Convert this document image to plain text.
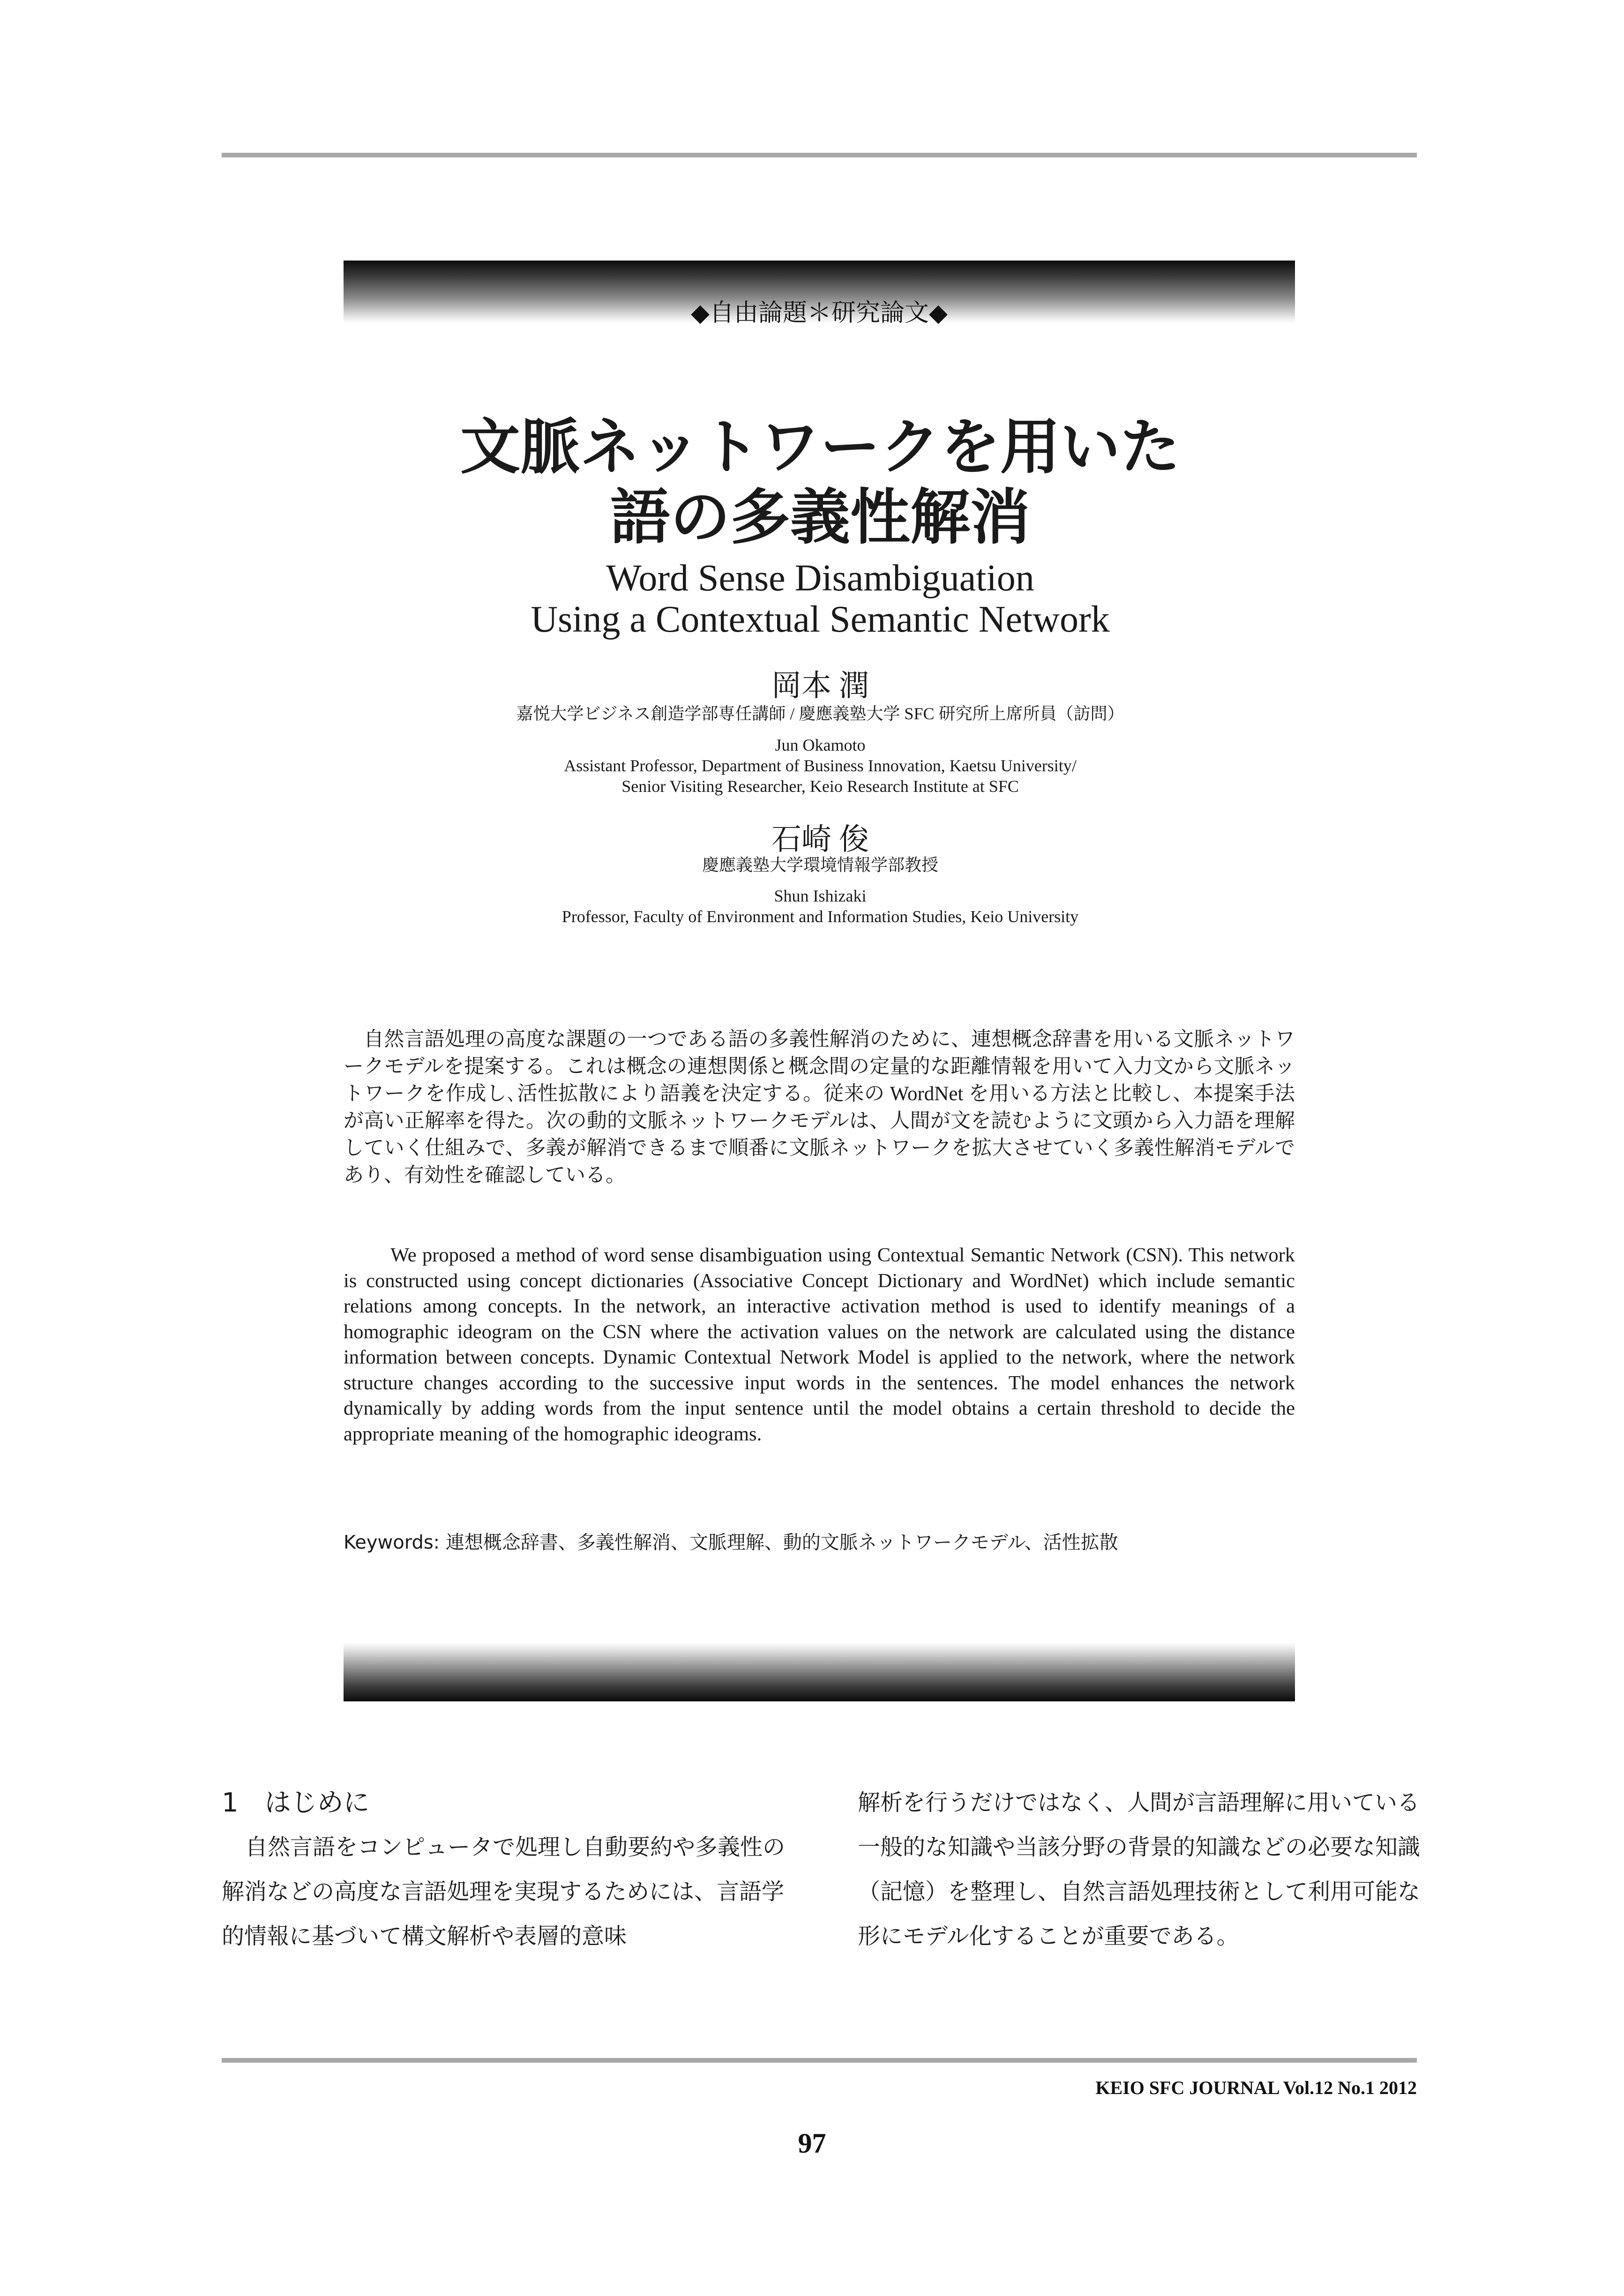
◆自由論題＊研究論文◆
文脈ネットワークを用いた
語の多義性解消
Word Sense Disambiguation
Using a Contextual Semantic Network
岡本 潤
嘉悦大学ビジネス創造学部専任講師 / 慶應義塾大学 SFC 研究所上席所員（訪問）
Jun Okamoto
Assistant Professor, Department of Business Innovation, Kaetsu University/
Senior Visiting Researcher, Keio Research Institute at SFC
石崎 俊
慶應義塾大学環境情報学部教授
Shun Ishizaki
Professor, Faculty of Environment and Information Studies, Keio University

自然言語処理の高度な課題の一つである語の多義性解消のために、連想概念辞書を用いる文脈ネットワークモデルを提案する。これは概念の連想関係と概念間の定量的な距離情報を用いて入力文から文脈ネットワークを作成し､活性拡散により語義を決定する。従来の WordNet を用いる方法と比較し、本提案手法が高い正解率を得た。次の動的文脈ネットワークモデルは、人間が文を読むように文頭から入力語を理解していく仕組みで、多義が解消できるまで順番に文脈ネットワークを拡大させていく多義性解消モデルであり、有効性を確認している。

We proposed a method of word sense disambiguation using Contextual Semantic Network (CSN). This network is constructed using concept dictionaries (Associative Concept Dictionary and WordNet) which include semantic relations among concepts. In the network, an interactive activation method is used to identify meanings of a homographic ideogram on the CSN where the activation values on the network are calculated using the distance information between concepts. Dynamic Contextual Network Model is applied to the network, where the network structure changes according to the successive input words in the sentences. The model enhances the network dynamically by adding words from the input sentence until the model obtains a certain threshold to decide the appropriate meaning of the homographic ideograms.

Keywords: 連想概念辞書、多義性解消、文脈理解、動的文脈ネットワークモデル、活性拡散
1　はじめに
自然言語をコンピュータで処理し自動要約や多義性の解消などの高度な言語処理を実現するためには、言語学的情報に基づいて構文解析や表層的意味
解析を行うだけではなく、人間が言語理解に用いている一般的な知識や当該分野の背景的知識などの必要な知識（記憶）を整理し、自然言語処理技術として利用可能な形にモデル化することが重要である。
KEIO SFC JOURNAL Vol.12 No.1 2012
97
